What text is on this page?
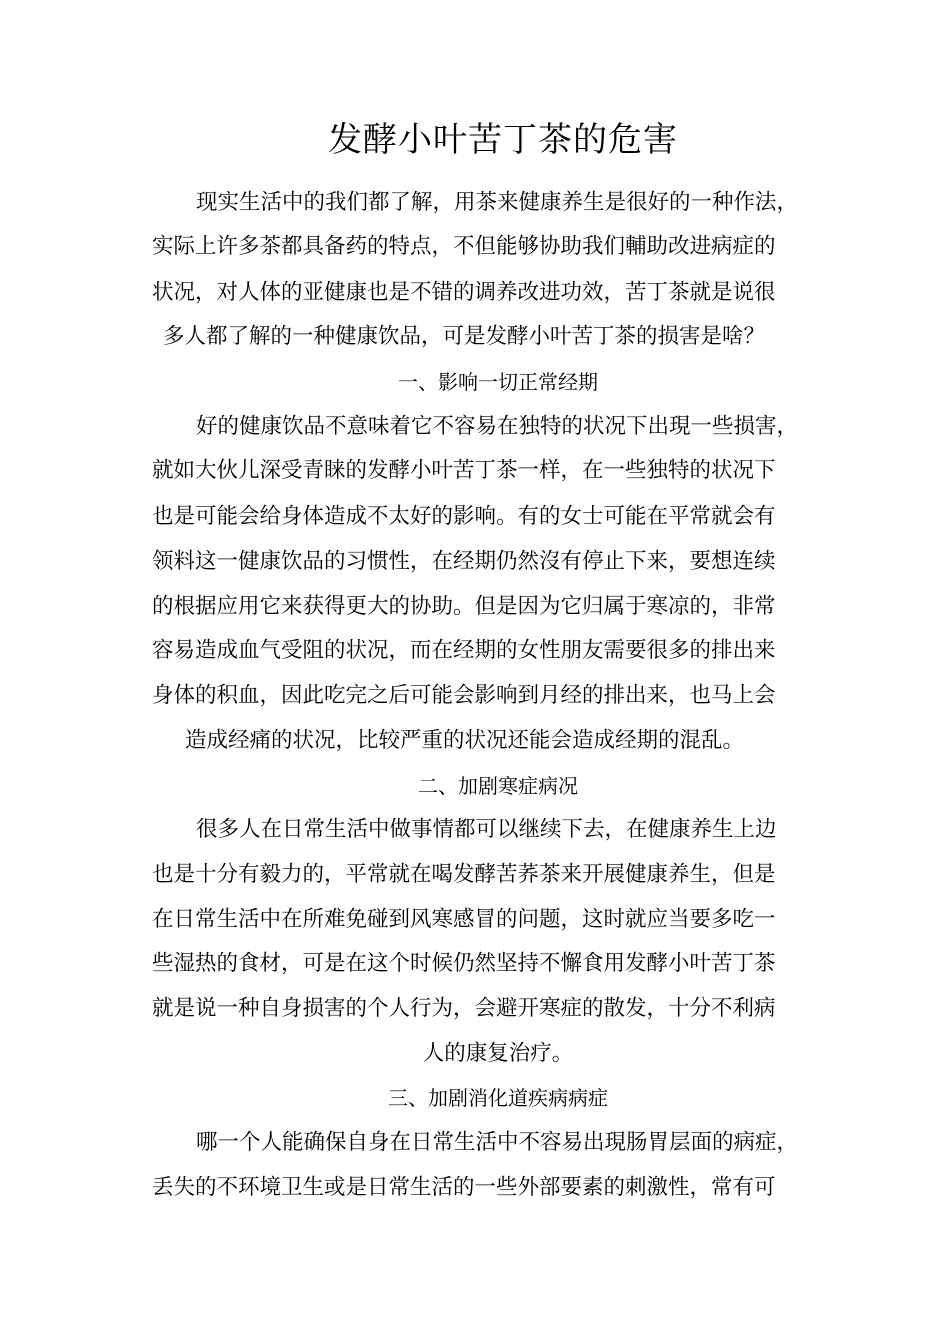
发酵小叶苦丁茶的危害
现实生活中的我们都了解，用茶来健康养生是很好的一种作法，
实际上许多茶都具备药的特点，不但能够协助我们輔助改进病症的
状况，对人体的亚健康也是不错的调养改进功效，苦丁茶就是说很
多人都了解的一种健康饮品，可是发酵小叶苦丁茶的损害是啥？
一、影响一切正常经期
好的健康饮品不意味着它不容易在独特的状况下出現一些损害，
就如大伙儿深受青睐的发酵小叶苦丁茶一样，在一些独特的状况下
也是可能会给身体造成不太好的影响。有的女士可能在平常就会有
领料这一健康饮品的习惯性，在经期仍然沒有停止下来，要想连续
的根据应用它来获得更大的协助。但是因为它归属于寒凉的，非常
容易造成血气受阻的状况，而在经期的女性朋友需要很多的排出来
身体的积血，因此吃完之后可能会影响到月经的排出来，也马上会
造成经痛的状况，比较严重的状况还能会造成经期的混乱。
二、加剧寒症病况
很多人在日常生活中做事情都可以继续下去，在健康养生上边
也是十分有毅力的，平常就在喝发酵苦荞茶来开展健康养生，但是
在日常生活中在所难免碰到风寒感冒的问题，这时就应当要多吃一
些湿热的食材，可是在这个时候仍然坚持不懈食用发酵小叶苦丁茶
就是说一种自身损害的个人行为，会避开寒症的散发，十分不利病
人的康复治疗。
三、加剧消化道疾病病症
哪一个人能确保自身在日常生活中不容易出現肠胃层面的病症，
丢失的不环境卫生或是日常生活的一些外部要素的刺激性，常有可
